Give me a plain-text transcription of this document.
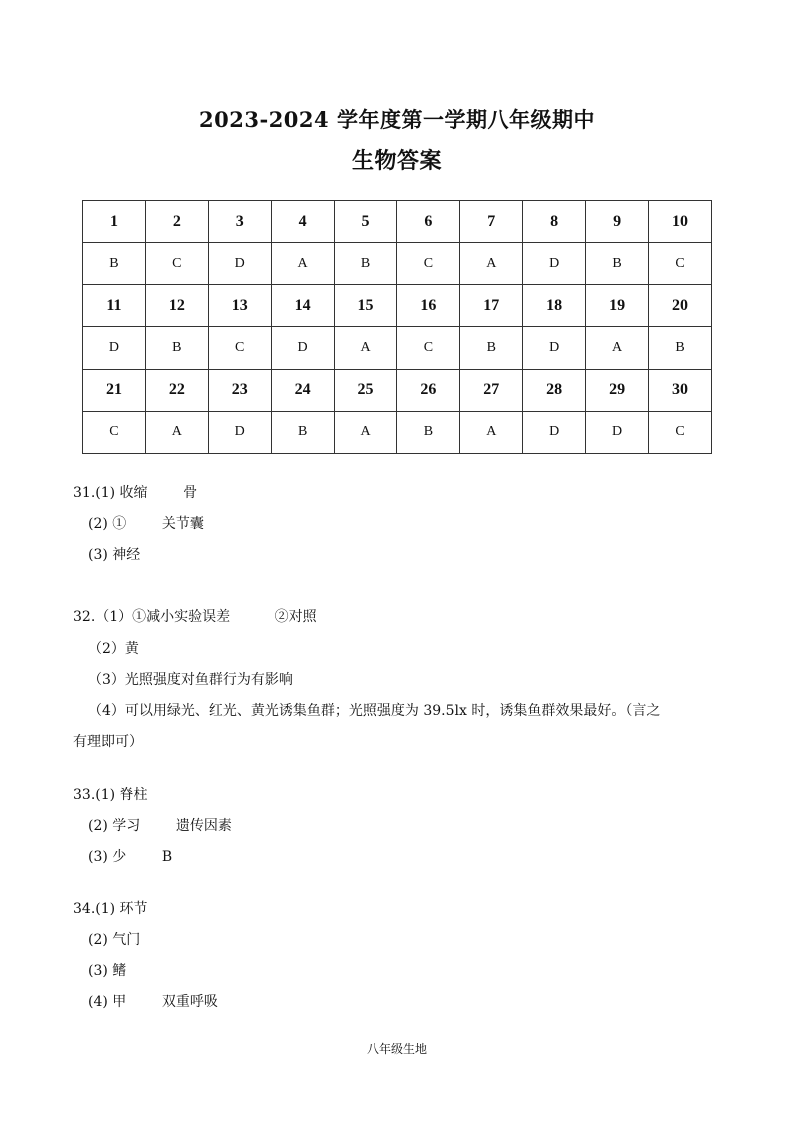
2023-2024 学年度第一学期八年级期中
生物答案
1	2	3	4	5	6	7	8	9	10
B	C	D	A	B	C	A	D	B	C
11	12	13	14	15	16	17	18	19	20
D	B	C	D	A	C	B	D	A	B
21	22	23	24	25	26	27	28	29	30
C	A	D	B	A	B	A	D	D	C
31.(1) 收缩        骨
(2) ①        关节囊
(3) 神经
32.（1）①减小实验误差          ②对照
（2）黄
（3）光照强度对鱼群行为有影响
（4）可以用绿光、红光、黄光诱集鱼群；光照强度为 39.5lx 时，诱集鱼群效果最好。（言之
有理即可）
33.(1) 脊柱
(2) 学习        遗传因素
(3) 少        B
34.(1) 环节
(2) 气门
(3) 鳍
(4) 甲        双重呼吸
八年级生地
